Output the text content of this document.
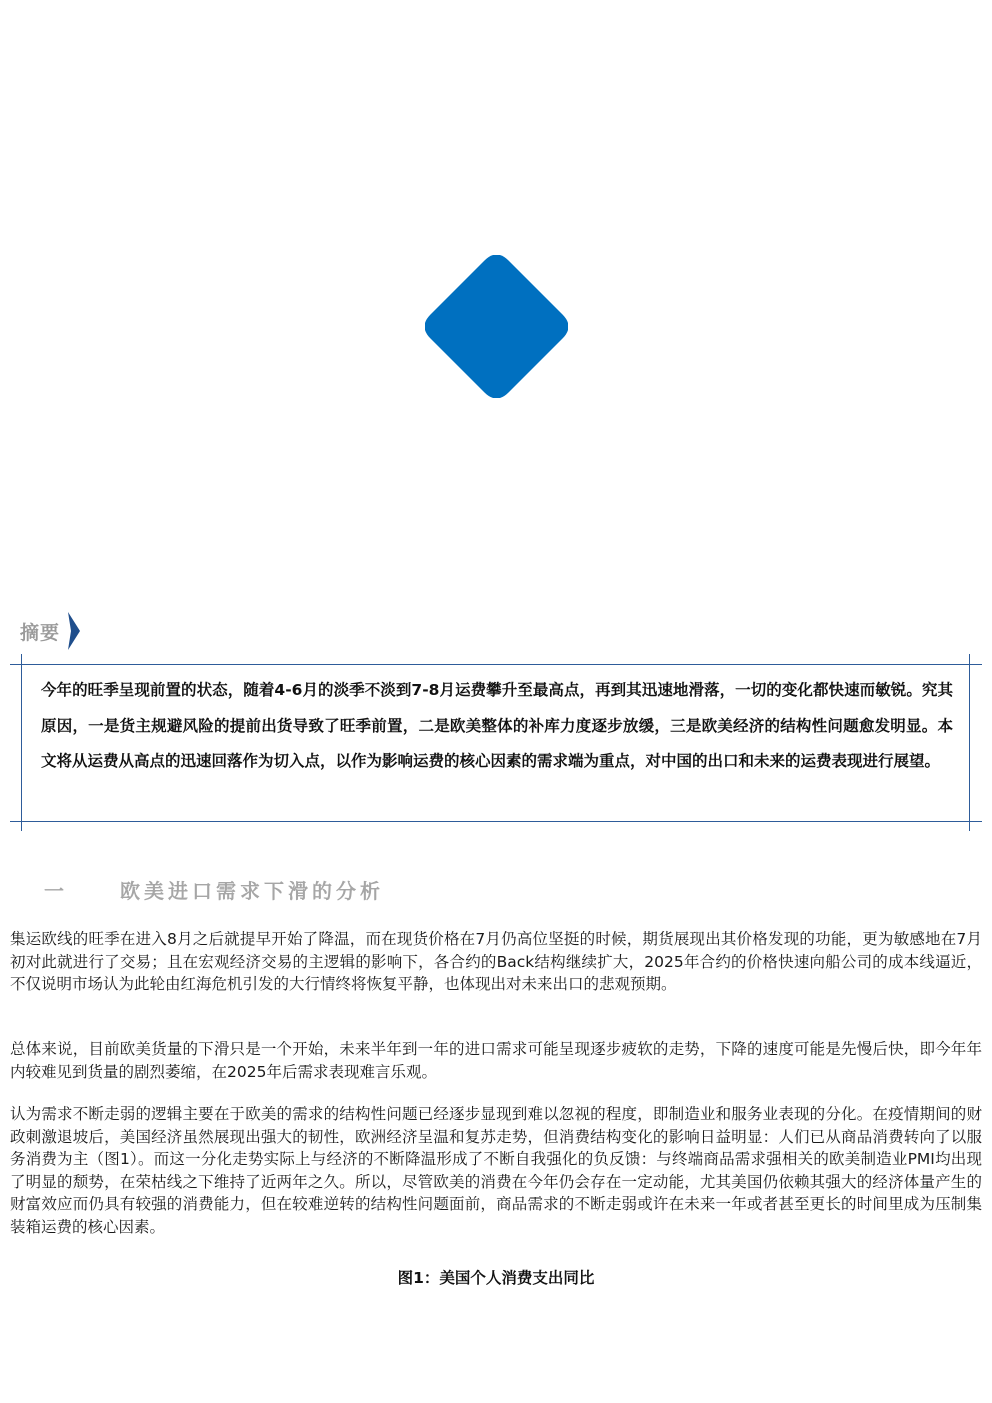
摘要
今年的旺季呈现前置的状态，随着4-6月的淡季不淡到7-8月运费攀升至最高点，再到其迅速地滑落，一切的变化都快速而敏锐。究其原因，一是货主规避风险的提前出货导致了旺季前置，二是欧美整体的补库力度逐步放缓，三是欧美经济的结构性问题愈发明显。本文将从运费从高点的迅速回落作为切入点，以作为影响运费的核心因素的需求端为重点，对中国的出口和未来的运费表现进行展望。
一	欧美进口需求下滑的分析

集运欧线的旺季在进入8月之后就提早开始了降温，而在现货价格在7月仍高位坚挺的时候，期货展现出其价格发现的功能，更为敏感地在7月初对此就进行了交易；且在宏观经济交易的主逻辑的影响下，各合约的Back结构继续扩大，2025年合约的价格快速向船公司的成本线逼近，不仅说明市场认为此轮由红海危机引发的大行情终将恢复平静，也体现出对未来出口的悲观预期。

总体来说，目前欧美货量的下滑只是一个开始，未来半年到一年的进口需求可能呈现逐步疲软的走势，下降的速度可能是先慢后快，即今年年内较难见到货量的剧烈萎缩，在2025年后需求表现难言乐观。

认为需求不断走弱的逻辑主要在于欧美的需求的结构性问题已经逐步显现到难以忽视的程度，即制造业和服务业表现的分化。在疫情期间的财政刺激退坡后，美国经济虽然展现出强大的韧性，欧洲经济呈温和复苏走势，但消费结构变化的影响日益明显：人们已从商品消费转向了以服务消费为主（图1）。而这一分化走势实际上与经济的不断降温形成了不断自我强化的负反馈：与终端商品需求强相关的欧美制造业PMI均出现了明显的颓势，在荣枯线之下维持了近两年之久。所以，尽管欧美的消费在今年仍会存在一定动能，尤其美国仍依赖其强大的经济体量产生的财富效应而仍具有较强的消费能力，但在较难逆转的结构性问题面前，商品需求的不断走弱或许在未来一年或者甚至更长的时间里成为压制集装箱运费的核心因素。

图1：美国个人消费支出同比
